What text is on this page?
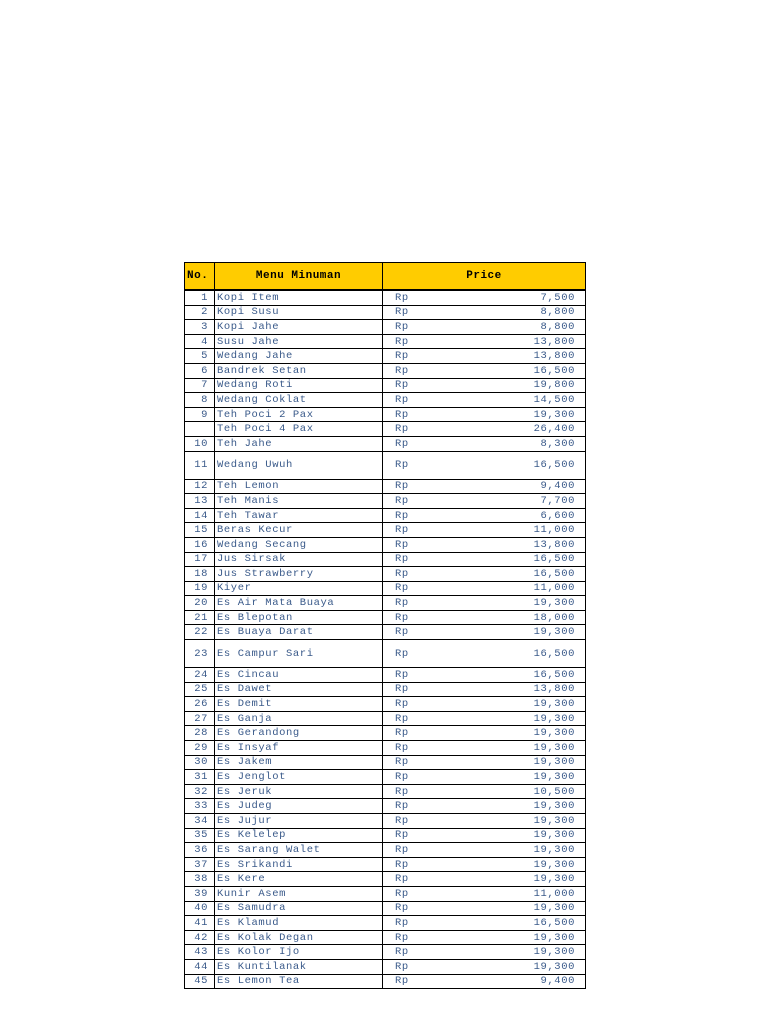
No.	Menu Minuman	Price	
1	Kopi Item	Rp	7,500
2	Kopi Susu	Rp	8,800
3	Kopi Jahe	Rp	8,800
4	Susu Jahe	Rp	13,800
5	Wedang Jahe	Rp	13,800
6	Bandrek Setan	Rp	16,500
7	Wedang Roti	Rp	19,800
8	Wedang Coklat	Rp	14,500
9	Teh Poci 2 Pax	Rp	19,300
	Teh Poci 4 Pax	Rp	26,400
10	Teh Jahe	Rp	8,300
11	Wedang Uwuh	Rp	16,500
12	Teh Lemon	Rp	9,400
13	Teh Manis	Rp	7,700
14	Teh Tawar	Rp	6,600
15	Beras Kecur	Rp	11,000
16	Wedang Secang	Rp	13,800
17	Jus Sirsak	Rp	16,500
18	Jus Strawberry	Rp	16,500
19	Kiyer	Rp	11,000
20	Es Air Mata Buaya	Rp	19,300
21	Es Blepotan	Rp	18,000
22	Es Buaya Darat	Rp	19,300
23	Es Campur Sari	Rp	16,500
24	Es Cincau	Rp	16,500
25	Es Dawet	Rp	13,800
26	Es Demit	Rp	19,300
27	Es Ganja	Rp	19,300
28	Es Gerandong	Rp	19,300
29	Es Insyaf	Rp	19,300
30	Es Jakem	Rp	19,300
31	Es Jenglot	Rp	19,300
32	Es Jeruk	Rp	10,500
33	Es Judeg	Rp	19,300
34	Es Jujur	Rp	19,300
35	Es Kelelep	Rp	19,300
36	Es Sarang Walet	Rp	19,300
37	Es Srikandi	Rp	19,300
38	Es Kere	Rp	19,300
39	Kunir Asem	Rp	11,000
40	Es Samudra	Rp	19,300
41	Es Klamud	Rp	16,500
42	Es Kolak Degan	Rp	19,300
43	Es Kolor Ijo	Rp	19,300
44	Es Kuntilanak	Rp	19,300
45	Es Lemon Tea	Rp	9,400
